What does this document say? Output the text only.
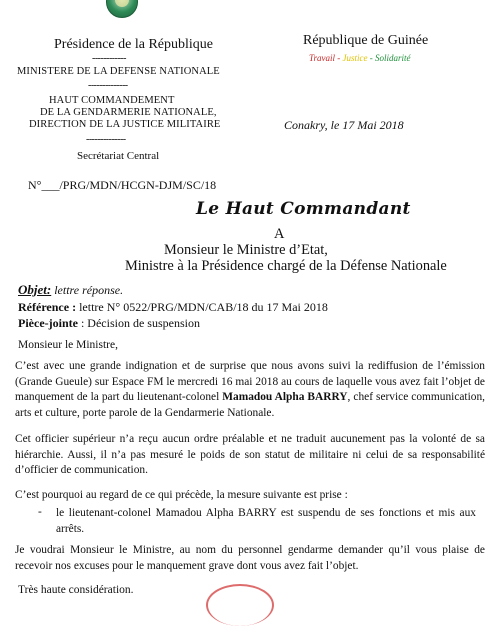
Présidence de la République
------------
MINISTERE DE LA DEFENSE NATIONALE
--------------
HAUT COMMANDEMENT
DE LA GENDARMERIE NATIONALE,
DIRECTION DE LA JUSTICE MILITAIRE
--------------
Secrétariat Central
République de Guinée
Travail - Justice - Solidarité
Conakry, le 17 Mai 2018
N°___/PRG/MDN/HCGN-DJM/SC/18
Le Haut Commandant
A
Monsieur le Ministre d’Etat,
Ministre à la Présidence chargé de la Défense Nationale
Objet: lettre réponse.
Référence : lettre N° 0522/PRG/MDN/CAB/18 du 17 Mai 2018
Pièce-jointe : Décision de suspension
Monsieur le Ministre,
C’est avec une grande indignation et de surprise que nous avons suivi la rediffusion de l’émission (Grande Gueule) sur Espace FM le mercredi 16 mai 2018 au cours de laquelle vous avez fait l’objet de manquement de la part du lieutenant-colonel Mamadou Alpha BARRY, chef service communication, arts et culture, porte parole de la Gendarmerie Nationale.
Cet officier supérieur n’a reçu aucun ordre préalable et ne traduit aucunement pas la volonté de sa hiérarchie. Aussi, il n’a pas mesuré le poids de son statut de militaire ni celui de sa responsabilité d’officier de communication.
C’est pourquoi au regard de ce qui précède, la mesure suivante est prise :
- le lieutenant-colonel Mamadou Alpha BARRY est suspendu de ses fonctions et mis aux arrêts.
Je voudrai Monsieur le Ministre, au nom du personnel gendarme demander qu’il vous plaise de recevoir nos excuses pour le manquement grave dont vous avez fait l’objet.
Très haute considération.
